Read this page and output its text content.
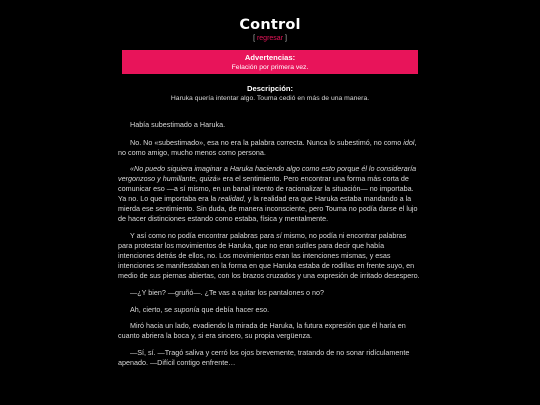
Control
[ regresar ]
Advertencias:
Felación por primera vez.
Descripción:
Haruka quería intentar algo. Touma cedió en más de una manera.

Había subestimado a Haruka.

No. No «subestimado», esa no era la palabra correcta. Nunca lo subestimó, no como idol, no como amigo, mucho menos como persona.

«No puedo siquiera imaginar a Haruka haciendo algo como esto porque él lo consideraría vergonzoso y humillante, quizá» era el sentimiento. Pero encontrar una forma más corta de comunicar eso —a sí mismo, en un banal intento de racionalizar la situación— no importaba. Ya no. Lo que importaba era la realidad, y la realidad era que Haruka estaba mandando a la mierda ese sentimiento. Sin duda, de manera inconsciente, pero Touma no podía darse el lujo de hacer distinciones estando como estaba, física y mentalmente.

Y así como no podía encontrar palabras para sí mismo, no podía ni encontrar palabras para protestar los movimientos de Haruka, que no eran sutiles para decir que había intenciones detrás de ellos, no. Los movimientos eran las intenciones mismas, y esas intenciones se manifestaban en la forma en que Haruka estaba de rodillas en frente suyo, en medio de sus piernas abiertas, con los brazos cruzados y una expresión de irritado desespero.

—¿Y bien? —gruñó—. ¿Te vas a quitar los pantalones o no?

Ah, cierto, se suponía que debía hacer eso.

Miró hacia un lado, evadiendo la mirada de Haruka, la futura expresión que él haría en cuanto abriera la boca y, si era sincero, su propia vergüenza.

—Sí, sí. —Tragó saliva y cerró los ojos brevemente, tratando de no sonar ridículamente apenado. —Difícil contigo enfrente…
